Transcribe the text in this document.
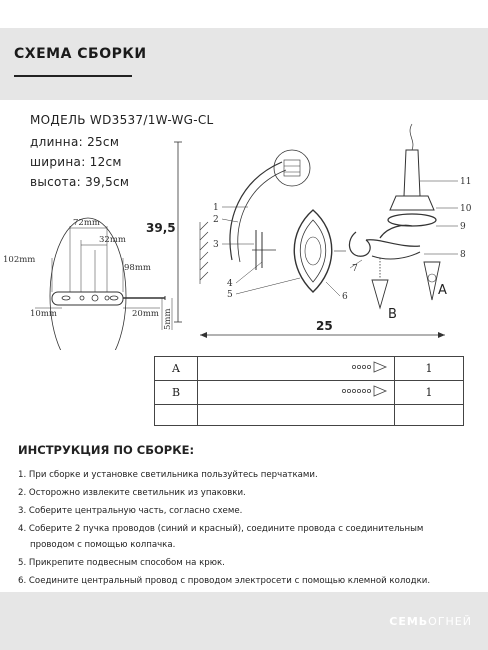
СХЕМА СБОРКИ
МОДЕЛЬ WD3537/1W-WG-CL
длинна: 25см
ширина: 12см
высота: 39,5см
72mm
32mm
102mm
98mm
10mm	20mm 5mm
39,5
25
1
2
3
4
5	6
7
8
9
10
11
A
B
A		1
B		1

ИНСТРУКЦИЯ ПО СБОРКЕ:
1. При сборке и установке светильника пользуйтесь перчатками.
2. Осторожно извлеките светильник из упаковки.
3. Соберите центральную часть, согласно схеме.
4. Соберите 2 пучка проводов (синий и красный), соедините провода с соединительным
проводом с помощью колпачка.
5. Прикрепите подвесным способом на крюк.
6. Соедините центральный провод с проводом электросети с помощью клемной колодки.
СЕМЬОГНЕЙ
